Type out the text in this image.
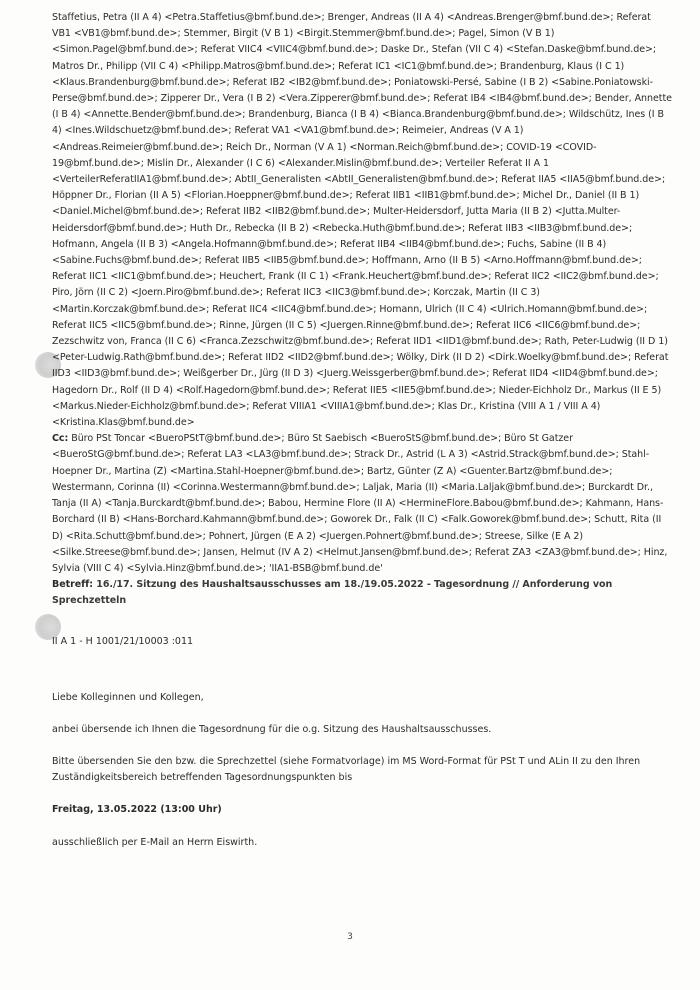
Staffetius, Petra (II A 4) <Petra.Staffetius@bmf.bund.de>; Brenger, Andreas (II A 4) <Andreas.Brenger@bmf.bund.de>; Referat VB1 <VB1@bmf.bund.de>; Stemmer, Birgit (V B 1) <Birgit.Stemmer@bmf.bund.de>; Pagel, Simon (V B 1) <Simon.Pagel@bmf.bund.de>; Referat VIIC4 <VIIC4@bmf.bund.de>; Daske Dr., Stefan (VII C 4) <Stefan.Daske@bmf.bund.de>; Matros Dr., Philipp (VII C 4) <Philipp.Matros@bmf.bund.de>; Referat IC1 <IC1@bmf.bund.de>; Brandenburg, Klaus (I C 1) <Klaus.Brandenburg@bmf.bund.de>; Referat IB2 <IB2@bmf.bund.de>; Poniatowski-Persé, Sabine (I B 2) <Sabine.Poniatowski-Perse@bmf.bund.de>; Zipperer Dr., Vera (I B 2) <Vera.Zipperer@bmf.bund.de>; Referat IB4 <IB4@bmf.bund.de>; Bender, Annette (I B 4) <Annette.Bender@bmf.bund.de>; Brandenburg, Bianca (I B 4) <Bianca.Brandenburg@bmf.bund.de>; Wildschütz, Ines (I B 4) <Ines.Wildschuetz@bmf.bund.de>; Referat VA1 <VA1@bmf.bund.de>; Reimeier, Andreas (V A 1) <Andreas.Reimeier@bmf.bund.de>; Reich Dr., Norman (V A 1) <Norman.Reich@bmf.bund.de>; COVID-19 <COVID-19@bmf.bund.de>; Mislin Dr., Alexander (I C 6) <Alexander.Mislin@bmf.bund.de>; Verteiler Referat II A 1 <VerteilerReferatIIA1@bmf.bund.de>; AbtII_Generalisten <AbtII_Generalisten@bmf.bund.de>; Referat IIA5 <IIA5@bmf.bund.de>; Höppner Dr., Florian (II A 5) <Florian.Hoeppner@bmf.bund.de>; Referat IIB1 <IIB1@bmf.bund.de>; Michel Dr., Daniel (II B 1) <Daniel.Michel@bmf.bund.de>; Referat IIB2 <IIB2@bmf.bund.de>; Multer-Heidersdorf, Jutta Maria (II B 2) <Jutta.Multer-Heidersdorf@bmf.bund.de>; Huth Dr., Rebecka (II B 2) <Rebecka.Huth@bmf.bund.de>; Referat IIB3 <IIB3@bmf.bund.de>; Hofmann, Angela (II B 3) <Angela.Hofmann@bmf.bund.de>; Referat IIB4 <IIB4@bmf.bund.de>; Fuchs, Sabine (II B 4) <Sabine.Fuchs@bmf.bund.de>; Referat IIB5 <IIB5@bmf.bund.de>; Hoffmann, Arno (II B 5) <Arno.Hoffmann@bmf.bund.de>; Referat IIC1 <IIC1@bmf.bund.de>; Heuchert, Frank (II C 1) <Frank.Heuchert@bmf.bund.de>; Referat IIC2 <IIC2@bmf.bund.de>; Piro, Jörn (II C 2) <Joern.Piro@bmf.bund.de>; Referat IIC3 <IIC3@bmf.bund.de>; Korczak, Martin (II C 3) <Martin.Korczak@bmf.bund.de>; Referat IIC4 <IIC4@bmf.bund.de>; Homann, Ulrich (II C 4) <Ulrich.Homann@bmf.bund.de>; Referat IIC5 <IIC5@bmf.bund.de>; Rinne, Jürgen (II C 5) <Juergen.Rinne@bmf.bund.de>; Referat IIC6 <IIC6@bmf.bund.de>; Zezschwitz von, Franca (II C 6) <Franca.Zezschwitz@bmf.bund.de>; Referat IID1 <IID1@bmf.bund.de>; Rath, Peter-Ludwig (II D 1) <Peter-Ludwig.Rath@bmf.bund.de>; Referat IID2 <IID2@bmf.bund.de>; Wölky, Dirk (II D 2) <Dirk.Woelky@bmf.bund.de>; Referat IID3 <IID3@bmf.bund.de>; Weißgerber Dr., Jürg (II D 3) <Juerg.Weissgerber@bmf.bund.de>; Referat IID4 <IID4@bmf.bund.de>; Hagedorn Dr., Rolf (II D 4) <Rolf.Hagedorn@bmf.bund.de>; Referat IIE5 <IIE5@bmf.bund.de>; Nieder-Eichholz Dr., Markus (II E 5) <Markus.Nieder-Eichholz@bmf.bund.de>; Referat VIIIA1 <VIIIA1@bmf.bund.de>; Klas Dr., Kristina (VIII A 1 / VIII A 4) <Kristina.Klas@bmf.bund.de>
Cc: Büro PSt Toncar <BueroPStT@bmf.bund.de>; Büro St Saebisch <BueroStS@bmf.bund.de>; Büro St Gatzer <BueroStG@bmf.bund.de>; Referat LA3 <LA3@bmf.bund.de>; Strack Dr., Astrid (L A 3) <Astrid.Strack@bmf.bund.de>; Stahl-Hoepner Dr., Martina (Z) <Martina.Stahl-Hoepner@bmf.bund.de>; Bartz, Günter (Z A) <Guenter.Bartz@bmf.bund.de>; Westermann, Corinna (II) <Corinna.Westermann@bmf.bund.de>; Laljak, Maria (II) <Maria.Laljak@bmf.bund.de>; Burckardt Dr., Tanja (II A) <Tanja.Burckardt@bmf.bund.de>; Babou, Hermine Flore (II A) <HermineFlore.Babou@bmf.bund.de>; Kahmann, Hans-Borchard (II B) <Hans-Borchard.Kahmann@bmf.bund.de>; Goworek Dr., Falk (II C) <Falk.Goworek@bmf.bund.de>; Schutt, Rita (II D) <Rita.Schutt@bmf.bund.de>; Pohnert, Jürgen (E A 2) <Juergen.Pohnert@bmf.bund.de>; Streese, Silke (E A 2) <Silke.Streese@bmf.bund.de>; Jansen, Helmut (IV A 2) <Helmut.Jansen@bmf.bund.de>; Referat ZA3 <ZA3@bmf.bund.de>; Hinz, Sylvia (VIII C 4) <Sylvia.Hinz@bmf.bund.de>; 'IIA1-BSB@bmf.bund.de'
Betreff: 16./17. Sitzung des Haushaltsausschusses am 18./19.05.2022 - Tagesordnung // Anforderung von Sprechzetteln

II A 1 - H 1001/21/10003 :011

Liebe Kolleginnen und Kollegen,

anbei übersende ich Ihnen die Tagesordnung für die o.g. Sitzung des Haushaltsausschusses.

Bitte übersenden Sie den bzw. die Sprechzettel (siehe Formatvorlage) im MS Word-Format für PSt T und ALin II zu den Ihren Zuständigkeitsbereich betreffenden Tagesordnungspunkten bis

Freitag, 13.05.2022 (13:00 Uhr)

ausschließlich per E-Mail an Herrn Eiswirth.

3
